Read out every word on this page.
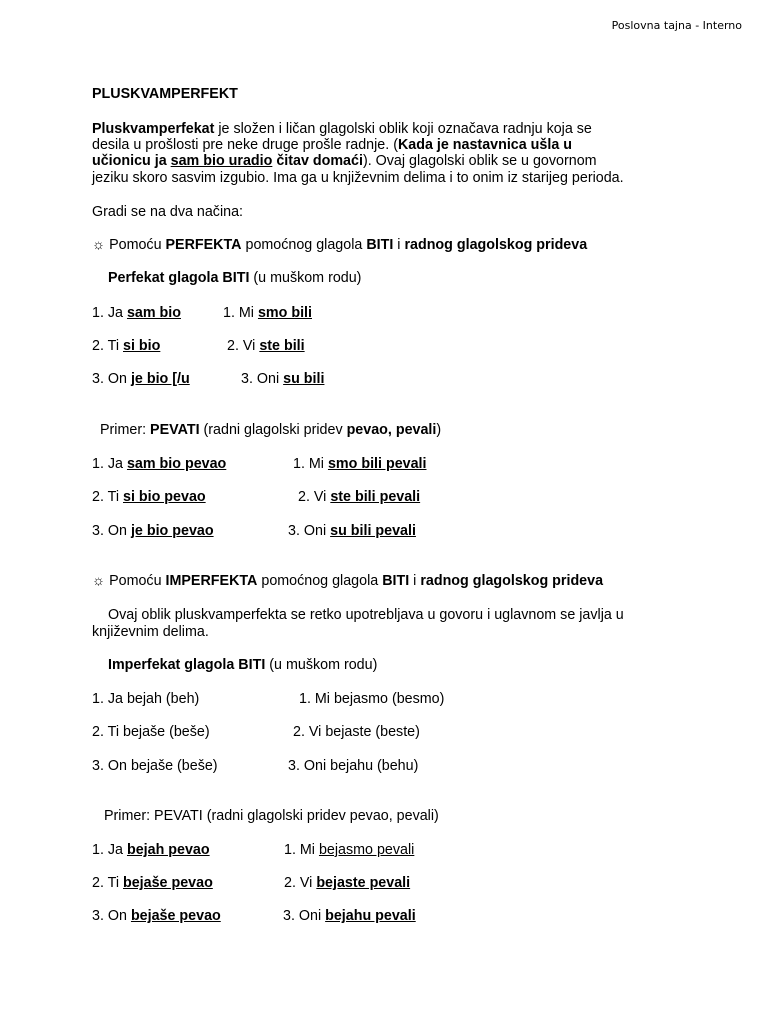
Poslovna tajna - Interno
PLUSKVAMPERFEKT
Pluskvamperfekat je složen i ličan glagolski oblik koji označava radnju koja se
desila u prošlosti pre neke druge prošle radnje. (Kada je nastavnica ušla u
učionicu ja sam bio uradio čitav domaći). Ovaj glagolski oblik se u govornom
jeziku skoro sasvim izgubio. Ima ga u književnim delima i to onim iz starijeg perioda.
Gradi se na dva načina:
☼ Pomoću PERFEKTA pomoćnog glagola BITI i radnog glagolskog prideva
Perfekat glagola BITI (u muškom rodu)
1. Ja sam bio	1. Mi smo bili
2. Ti si bio	2. Vi ste bili
3. On je bio [/u	3. Oni su bili
Primer: PEVATI (radni glagolski pridev pevao, pevali)
1. Ja sam bio pevao	1. Mi smo bili pevali
2. Ti si bio pevao	2. Vi ste bili pevali
3. On je bio pevao	3. Oni su bili pevali
☼ Pomoću IMPERFEKTA pomoćnog glagola BITI i radnog glagolskog prideva
Ovaj oblik pluskvamperfekta se retko upotrebljava u govoru i uglavnom se javlja u
književnim delima.
Imperfekat glagola BITI (u muškom rodu)
1. Ja bejah (beh)	1. Mi bejasmo (besmo)
2. Ti bejaše (beše)	2. Vi bejaste (beste)
3. On bejaše (beše)	3. Oni bejahu (behu)
Primer: PEVATI (radni glagolski pridev pevao, pevali)
1. Ja bejah pevao	1. Mi bejasmo pevali
2. Ti bejaše pevao	2. Vi bejaste pevali
3. On bejaše pevao	3. Oni bejahu pevali
